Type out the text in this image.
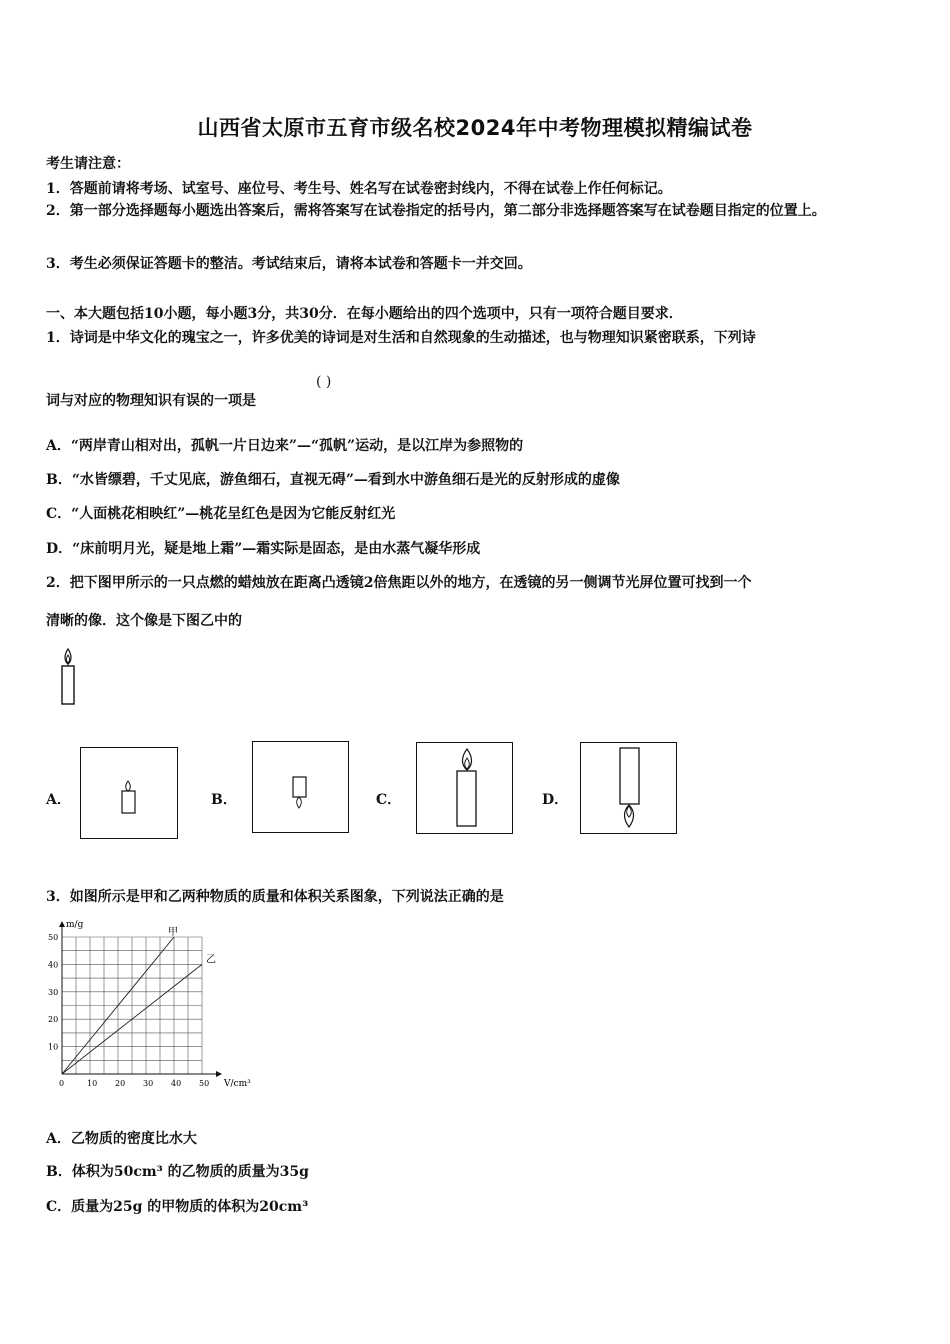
山西省太原市五育市级名校2024年中考物理模拟精编试卷
考生请注意：
1．答题前请将考场、试室号、座位号、考生号、姓名写在试卷密封线内，不得在试卷上作任何标记。
2．第一部分选择题每小题选出答案后，需将答案写在试卷指定的括号内，第二部分非选择题答案写在试卷题目指定的位置上。
3．考生必须保证答题卡的整洁。考试结束后，请将本试卷和答题卡一并交回。
一、本大题包括10小题，每小题3分，共30分．在每小题给出的四个选项中，只有一项符合题目要求．
1．诗词是中华文化的瑰宝之一，许多优美的诗词是对生活和自然现象的生动描述，也与物理知识紧密联系，下列诗
词与对应的物理知识有误的一项是
( )
A．“两岸青山相对出，孤帆一片日边来”—“孤帆”运动，是以江岸为参照物的
B．“水皆缥碧，千丈见底，游鱼细石，直视无碍”—看到水中游鱼细石是光的反射形成的虚像
C．“人面桃花相映红”—桃花呈红色是因为它能反射红光
D．“床前明月光，疑是地上霜”—霜实际是固态，是由水蒸气凝华形成
2．把下图甲所示的一只点燃的蜡烛放在距离凸透镜2倍焦距以外的地方，在透镜的另一侧调节光屏位置可找到一个
清晰的像．这个像是下图乙中的
A．	B．	C．	D．
3．如图所示是甲和乙两种物质的质量和体积关系图象，下列说法正确的是
0	10 20 30 40 50
10
20
30
40
50	甲
乙
m/g
V/cm³
A．乙物质的密度比水大
B．体积为50cm³ 的乙物质的质量为35g
C．质量为25g 的甲物质的体积为20cm³
